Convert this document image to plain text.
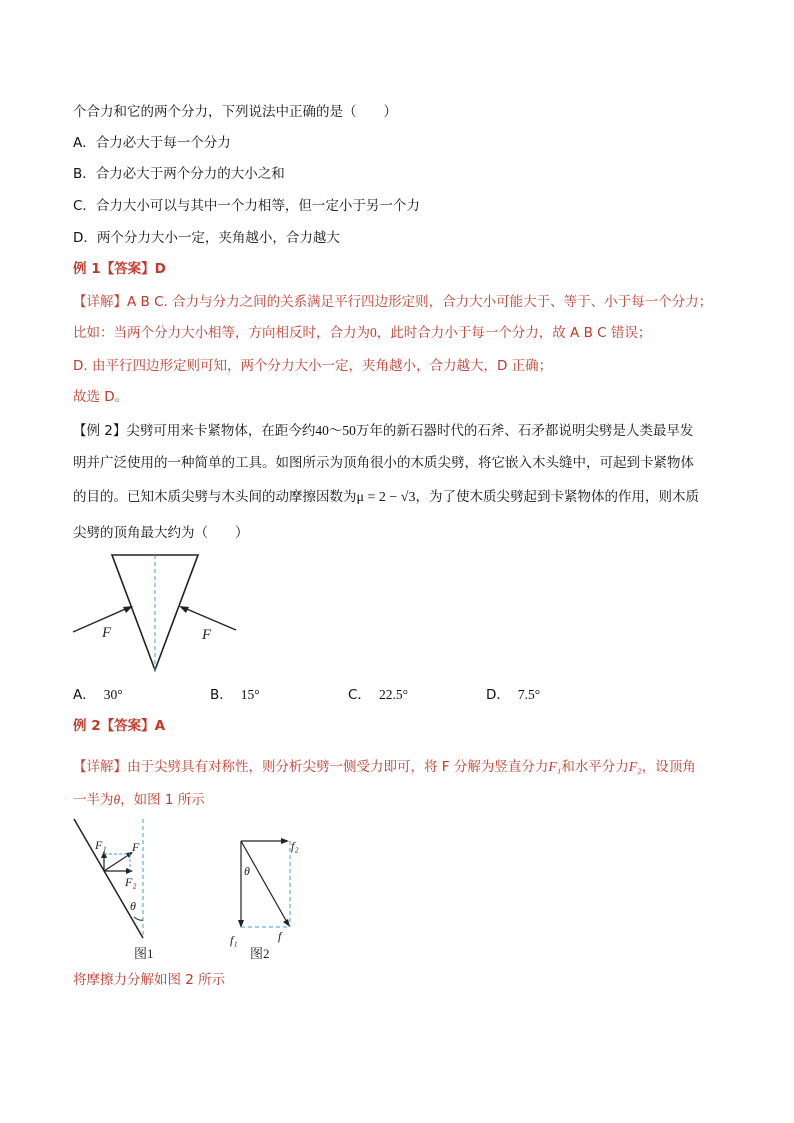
个合力和它的两个分力，下列说法中正确的是（　　）
A．合力必大于每一个分力
B．合力必大于两个分力的大小之和
C．合力大小可以与其中一个力相等，但一定小于另一个力
D．两个分力大小一定，夹角越小，合力越大
例 1【答案】D
【详解】A B C. 合力与分力之间的关系满足平行四边形定则，合力大小可能大于、等于、小于每一个分力；
比如：当两个分力大小相等，方向相反时，合力为0，此时合力小于每一个分力，故 A B C 错误；
D. 由平行四边形定则可知，两个分力大小一定，夹角越小，合力越大，D 正确；
故选 D。
【例 2】尖劈可用来卡紧物体，在距今约40～50万年的新石器时代的石斧、石矛都说明尖劈是人类最早发
明并广泛使用的一种简单的工具。如图所示为顶角很小的木质尖劈，将它嵌入木头缝中，可起到卡紧物体
的目的。已知木质尖劈与木头间的动摩擦因数为μ = 2 − √3，为了使木质尖劈起到卡紧物体的作用，则木质
尖劈的顶角最大约为（　　）
F	F
A． 30°	B． 15°	C． 22.5°	D． 7.5°
例 2【答案】A
【详解】由于尖劈具有对称性，则分析尖劈一侧受力即可，将 F 分解为竖直分力F₁和水平分力F₂，设顶角
一半为θ，如图 1 所示
F₁ F
F₂
θ
图1
f₂
θ
f₁	f
图2
将摩擦力分解如图 2 所示
